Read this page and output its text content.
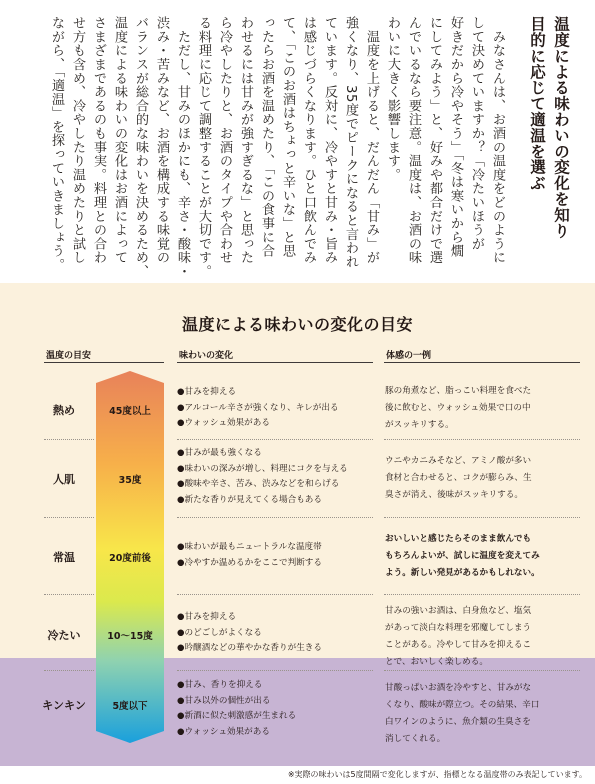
温度による味わいの変化を知り
目的に応じて適温を選ぶ
　みなさんは、お酒の温度をどのように
して決めていますか？「冷たいほうが
好きだから冷やそう」「冬は寒いから燗
にしてみよう」と、好みや都合だけで選
んでいるなら要注意。温度は、お酒の味
わいに大きく影響します。
　温度を上げると、だんだん「甘み」が
強くなり、35度でピークになると言われ
ています。反対に、冷やすと甘み・旨み
は感じづらくなります。ひと口飲んでみ
て、「このお酒はちょっと辛いな」と思
ったらお酒を温めたり、「この食事に合
わせるには甘みが強すぎるな」と思った
ら冷やしたりと、お酒のタイプや合わせ
る料理に応じて調整することが大切です。
　ただし、甘みのほかにも、辛さ・酸味・
渋み・苦みなど、お酒を構成する味覚の
バランスが総合的な味わいを決めるため、
温度による味わいの変化はお酒によって
さまざまであるのも事実。料理との合わ
せ方も含め、冷やしたり温めたりと試し
ながら、「適温」を探っていきましょう。
温度による味わいの変化の目安
温度の目安	味わいの変化	体感の一例
熱め
人肌
常温
冷たい
キンキン
45度以上
35度
20度前後
10〜15度
5度以下
●甘みを抑える
●アルコール辛さが強くなり、キレが出る
●ウォッシュ効果がある
豚の角煮など、脂っこい料理を食べた
後に飲むと、ウォッシュ効果で口の中
がスッキリする。
●甘みが最も強くなる
●味わいの深みが増し、料理にコクを与える
●酸味や辛さ、苦み、渋みなどを和らげる
●新たな香りが見えてくる場合もある
ウニやカニみそなど、アミノ酸が多い
食材と合わせると、コクが膨らみ、生
臭さが消え、後味がスッキリする。
●味わいが最もニュートラルな温度帯
●冷やすか温めるかをここで判断する
おいしいと感じたらそのまま飲んでも
もちろんよいが、試しに温度を変えてみ
よう。新しい発見があるかもしれない。
●甘みを抑える
●のどごしがよくなる
●吟醸酒などの華やかな香りが生きる
甘みの強いお酒は、白身魚など、塩気
があって淡白な料理を邪魔してしまう
ことがある。冷やして甘みを抑えるこ
とで、おいしく楽しめる。
●甘み、香りを抑える
●甘み以外の個性が出る
●新酒に似た刺激感が生まれる
●ウォッシュ効果がある
甘酸っぱいお酒を冷やすと、甘みがな
くなり、酸味が際立つ。その結果、辛口
白ワインのように、魚介類の生臭さを
消してくれる。
※実際の味わいは5度間隔で変化しますが、指標となる温度帯のみ表記しています。
